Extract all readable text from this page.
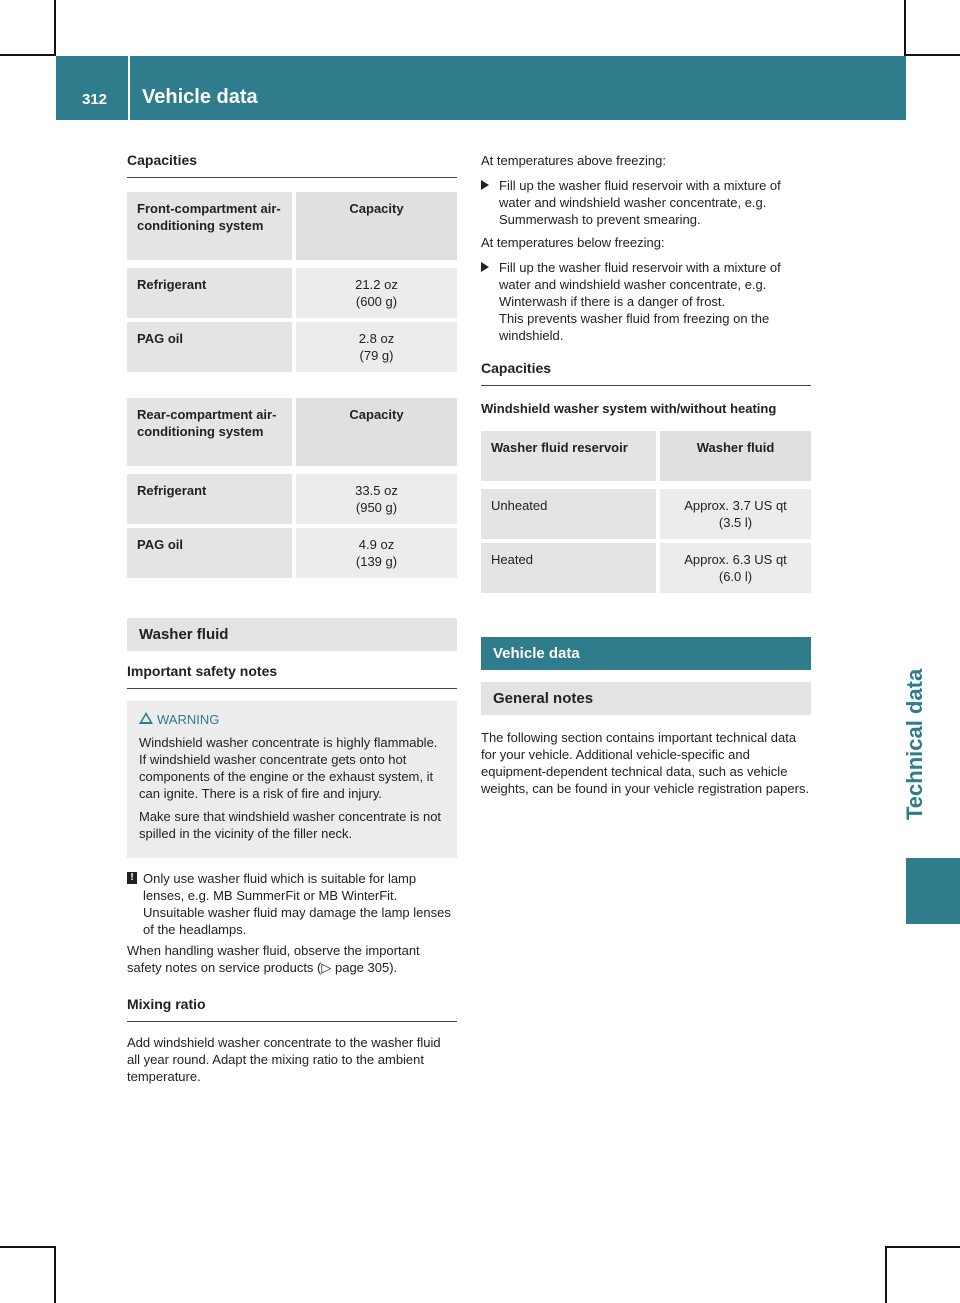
312 Vehicle data
Technical data
Capacities
Front-compartment air-conditioning system	Capacity
Refrigerant	21.2 oz
(600 g)

PAG oil	2.8 oz
(79 g)
Rear-compartment air-conditioning system	Capacity
Refrigerant	33.5 oz
(950 g)

PAG oil	4.9 oz
(139 g)
Washer fluid
Important safety notes
WARNING

Windshield washer concentrate is highly flammable. If windshield washer concentrate gets onto hot components of the engine or the exhaust system, it can ignite. There is a risk of fire and injury.

Make sure that windshield washer concentrate is not spilled in the vicinity of the filler neck.

! Only use washer fluid which is suitable for lamp lenses, e.g. MB SummerFit or MB WinterFit. Unsuitable washer fluid may damage the lamp lenses of the headlamps.

When handling washer fluid, observe the important safety notes on service products (▷ page 305).

Mixing ratio

Add windshield washer concentrate to the washer fluid all year round. Adapt the mixing ratio to the ambient temperature.

At temperatures above freezing:

Fill up the washer fluid reservoir with a mixture of water and windshield washer concentrate, e.g. Summerwash to prevent smearing.

At temperatures below freezing:

Fill up the washer fluid reservoir with a mixture of water and windshield washer concentrate, e.g. Winterwash if there is a danger of frost.
This prevents washer fluid from freezing on the windshield.
Capacities

Windshield washer system with/without heating

Washer fluid reservoir	Washer fluid
Unheated	Approx. 3.7 US qt
(3.5 l)

Heated	Approx. 6.3 US qt
(6.0 l)
Vehicle data
General notes

The following section contains important technical data for your vehicle. Additional vehicle-specific and equipment-dependent technical data, such as vehicle weights, can be found in your vehicle registration papers.
